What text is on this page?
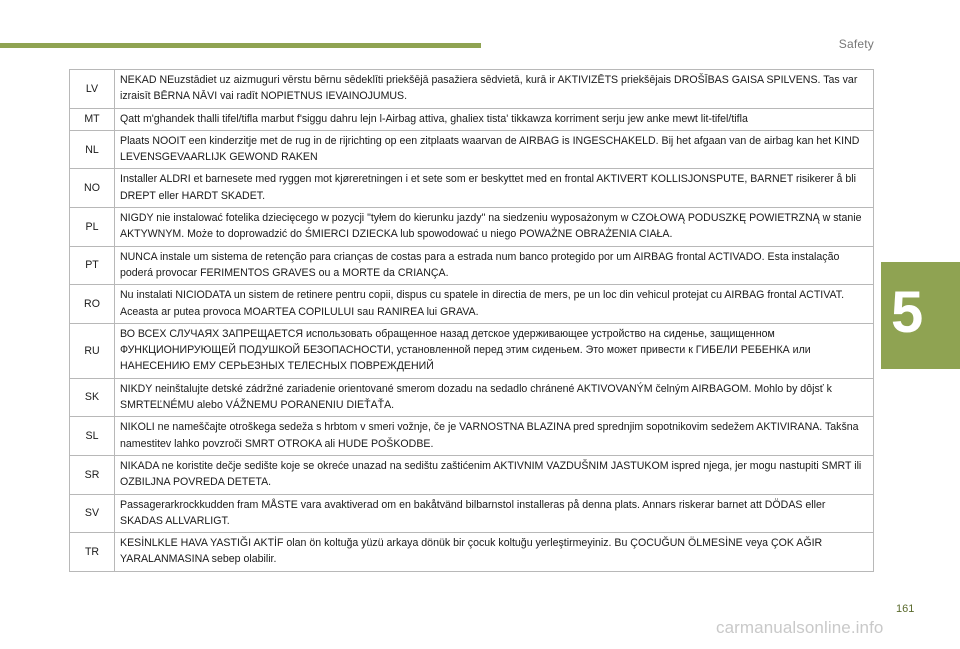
Safety
5
LV	NEKAD NEuzstādiet uz aizmuguri vērstu bērnu sēdeklīti priekšējā pasažiera sēdvietā, kurā ir AKTIVIZĒTS priekšējais DROŠĪBAS GAISA SPILVENS. Tas var izraisīt BĒRNA NĀVI vai radīt NOPIETNUS IEVAINOJUMUS.
MT	Qatt m'ghandek thalli tifel/tifla marbut f'siggu dahru lejn l-Airbag attiva, ghaliex tista' tikkawza korriment serju jew anke mewt lit-tifel/tifla
NL	Plaats NOOIT een kinderzitje met de rug in de rijrichting op een zitplaats waarvan de AIRBAG is INGESCHAKELD. Bij het afgaan van de airbag kan het KIND LEVENSGEVAARLIJK GEWOND RAKEN
NO	Installer ALDRI et barnesete med ryggen mot kjøreretningen i et sete som er beskyttet med en frontal AKTIVERT KOLLISJONSPUTE, BARNET risikerer å bli DREPT eller HARDT SKADET.
PL	NIGDY nie instalować fotelika dziecięcego w pozycji "tyłem do kierunku jazdy" na siedzeniu wyposażonym w CZOŁOWĄ PODUSZKĘ POWIETRZNĄ w stanie AKTYWNYM. Może to doprowadzić do ŚMIERCI DZIECKA lub spowodować u niego POWAŻNE OBRAŻENIA CIAŁA.
PT	NUNCA instale um sistema de retenção para crianças de costas para a estrada num banco protegido por um AIRBAG frontal ACTIVADO. Esta instalação poderá provocar FERIMENTOS GRAVES ou a MORTE da CRIANÇA.
RO	Nu instalati NICIODATA un sistem de retinere pentru copii, dispus cu spatele in directia de mers, pe un loc din vehicul protejat cu AIRBAG frontal ACTIVAT. Aceasta ar putea provoca MOARTEA COPILULUI sau RANIREA lui GRAVA.
RU	ВО ВСЕХ СЛУЧАЯХ ЗАПРЕЩАЕТСЯ использовать обращенное назад детское удерживающее устройство на сиденье, защищенном ФУНКЦИОНИРУЮЩЕЙ ПОДУШКОЙ БЕЗОПАСНОСТИ, установленной перед этим сиденьем. Это может привести к ГИБЕЛИ РЕБЕНКА или НАНЕСЕНИЮ ЕМУ СЕРЬЕЗНЫХ ТЕЛЕСНЫХ ПОВРЕЖДЕНИЙ
SK	NIKDY neinštalujte detské zádržné zariadenie orientované smerom dozadu na sedadlo chránené AKTIVOVANÝM čelným AIRBAGOM. Mohlo by dôjsť k SMRTEĽNÉMU alebo VÁŽNEMU PORANENIU DIEŤAŤA.
SL	NIKOLI ne nameščajte otroškega sedeža s hrbtom v smeri vožnje, če je VARNOSTNA BLAZINA pred sprednjim sopotnikovim sedežem AKTIVIRANA. Takšna namestitev lahko povzroči SMRT OTROKA ali HUDE POŠKODBE.
SR	NIKADA ne koristite dečje sedište koje se okreće unazad na sedištu zaštićenim AKTIVNIM VAZDUŠNIM JASTUKOM ispred njega, jer mogu nastupiti SMRT ili OZBILJNA POVREDA DETETA.
SV	Passagerarkrockkudden fram MÅSTE vara avaktiverad om en bakåtvänd bilbarnstol installeras på denna plats. Annars riskerar barnet att DÖDAS eller SKADAS ALLVARLIGT.
TR	KESİNLKLE HAVA YASTIĞI AKTİF olan ön koltuğa yüzü arkaya dönük bir çocuk koltuğu yerleştirmeyiniz. Bu ÇOCUĞUN ÖLMESİNE veya ÇOK AĞIR YARALANMASINA sebep olabilir.
161
carmanualsonline.info
